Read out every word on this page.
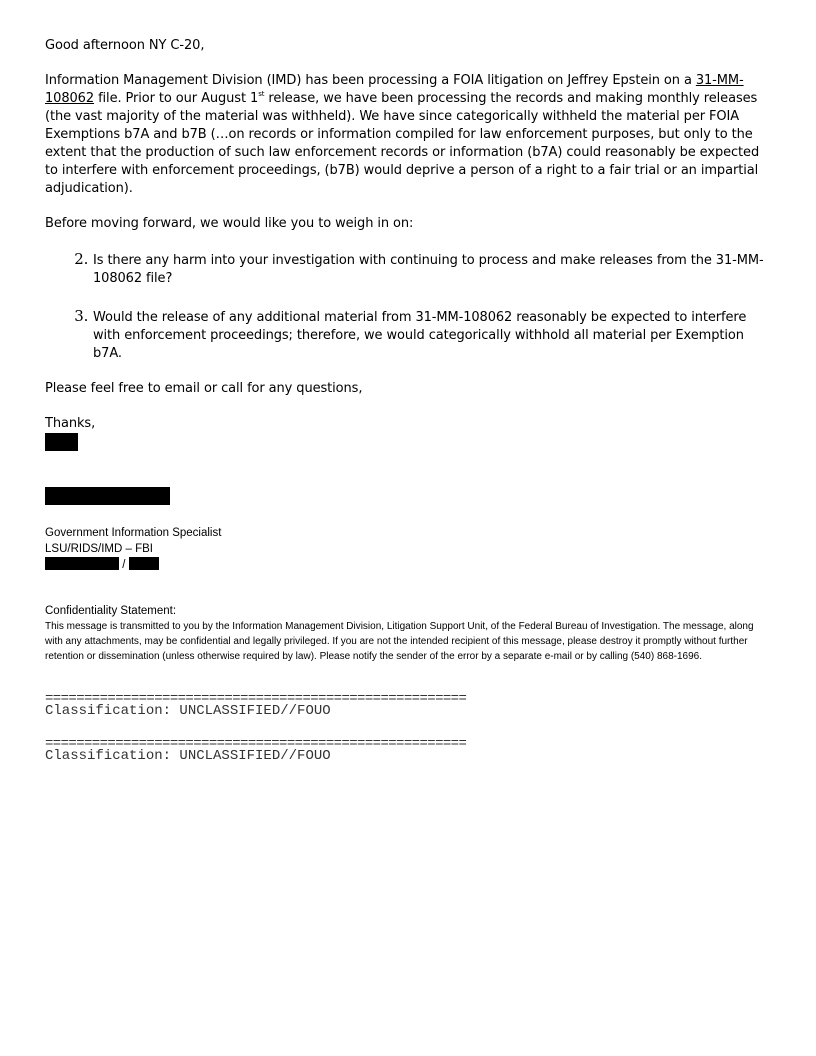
Good afternoon NY C-20,

Information Management Division (IMD) has been processing a FOIA litigation on Jeffrey Epstein on a 31-MM-108062 file. Prior to our August 1st release, we have been processing the records and making monthly releases (the vast majority of the material was withheld). We have since categorically withheld the material per FOIA Exemptions b7A and b7B (…on records or information compiled for law enforcement purposes, but only to the extent that the production of such law enforcement records or information (b7A) could reasonably be expected to interfere with enforcement proceedings, (b7B) would deprive a person of a right to a fair trial or an impartial adjudication).

Before moving forward, we would like you to weigh in on:

2. Is there any harm into your investigation with continuing to process and make releases from the 31-MM-108062 file?
3. Would the release of any additional material from 31-MM-108062 reasonably be expected to interfere with enforcement proceedings; therefore, we would categorically withhold all material per Exemption b7A.

Please feel free to email or call for any questions,

Thanks,

Government Information Specialist

LSU/RIDS/IMD – FBI

/

Confidentiality Statement:

This message is transmitted to you by the Information Management Division, Litigation Support Unit, of the Federal Bureau of Investigation. The message, along with any attachments, may be confidential and legally privileged. If you are not the intended recipient of this message, please destroy it promptly without further retention or dissemination (unless otherwise required by law). Please notify the sender of the error by a separate e-mail or by calling (540) 868-1696.

======================================================

Classification: UNCLASSIFIED//FOUO

======================================================

Classification: UNCLASSIFIED//FOUO
